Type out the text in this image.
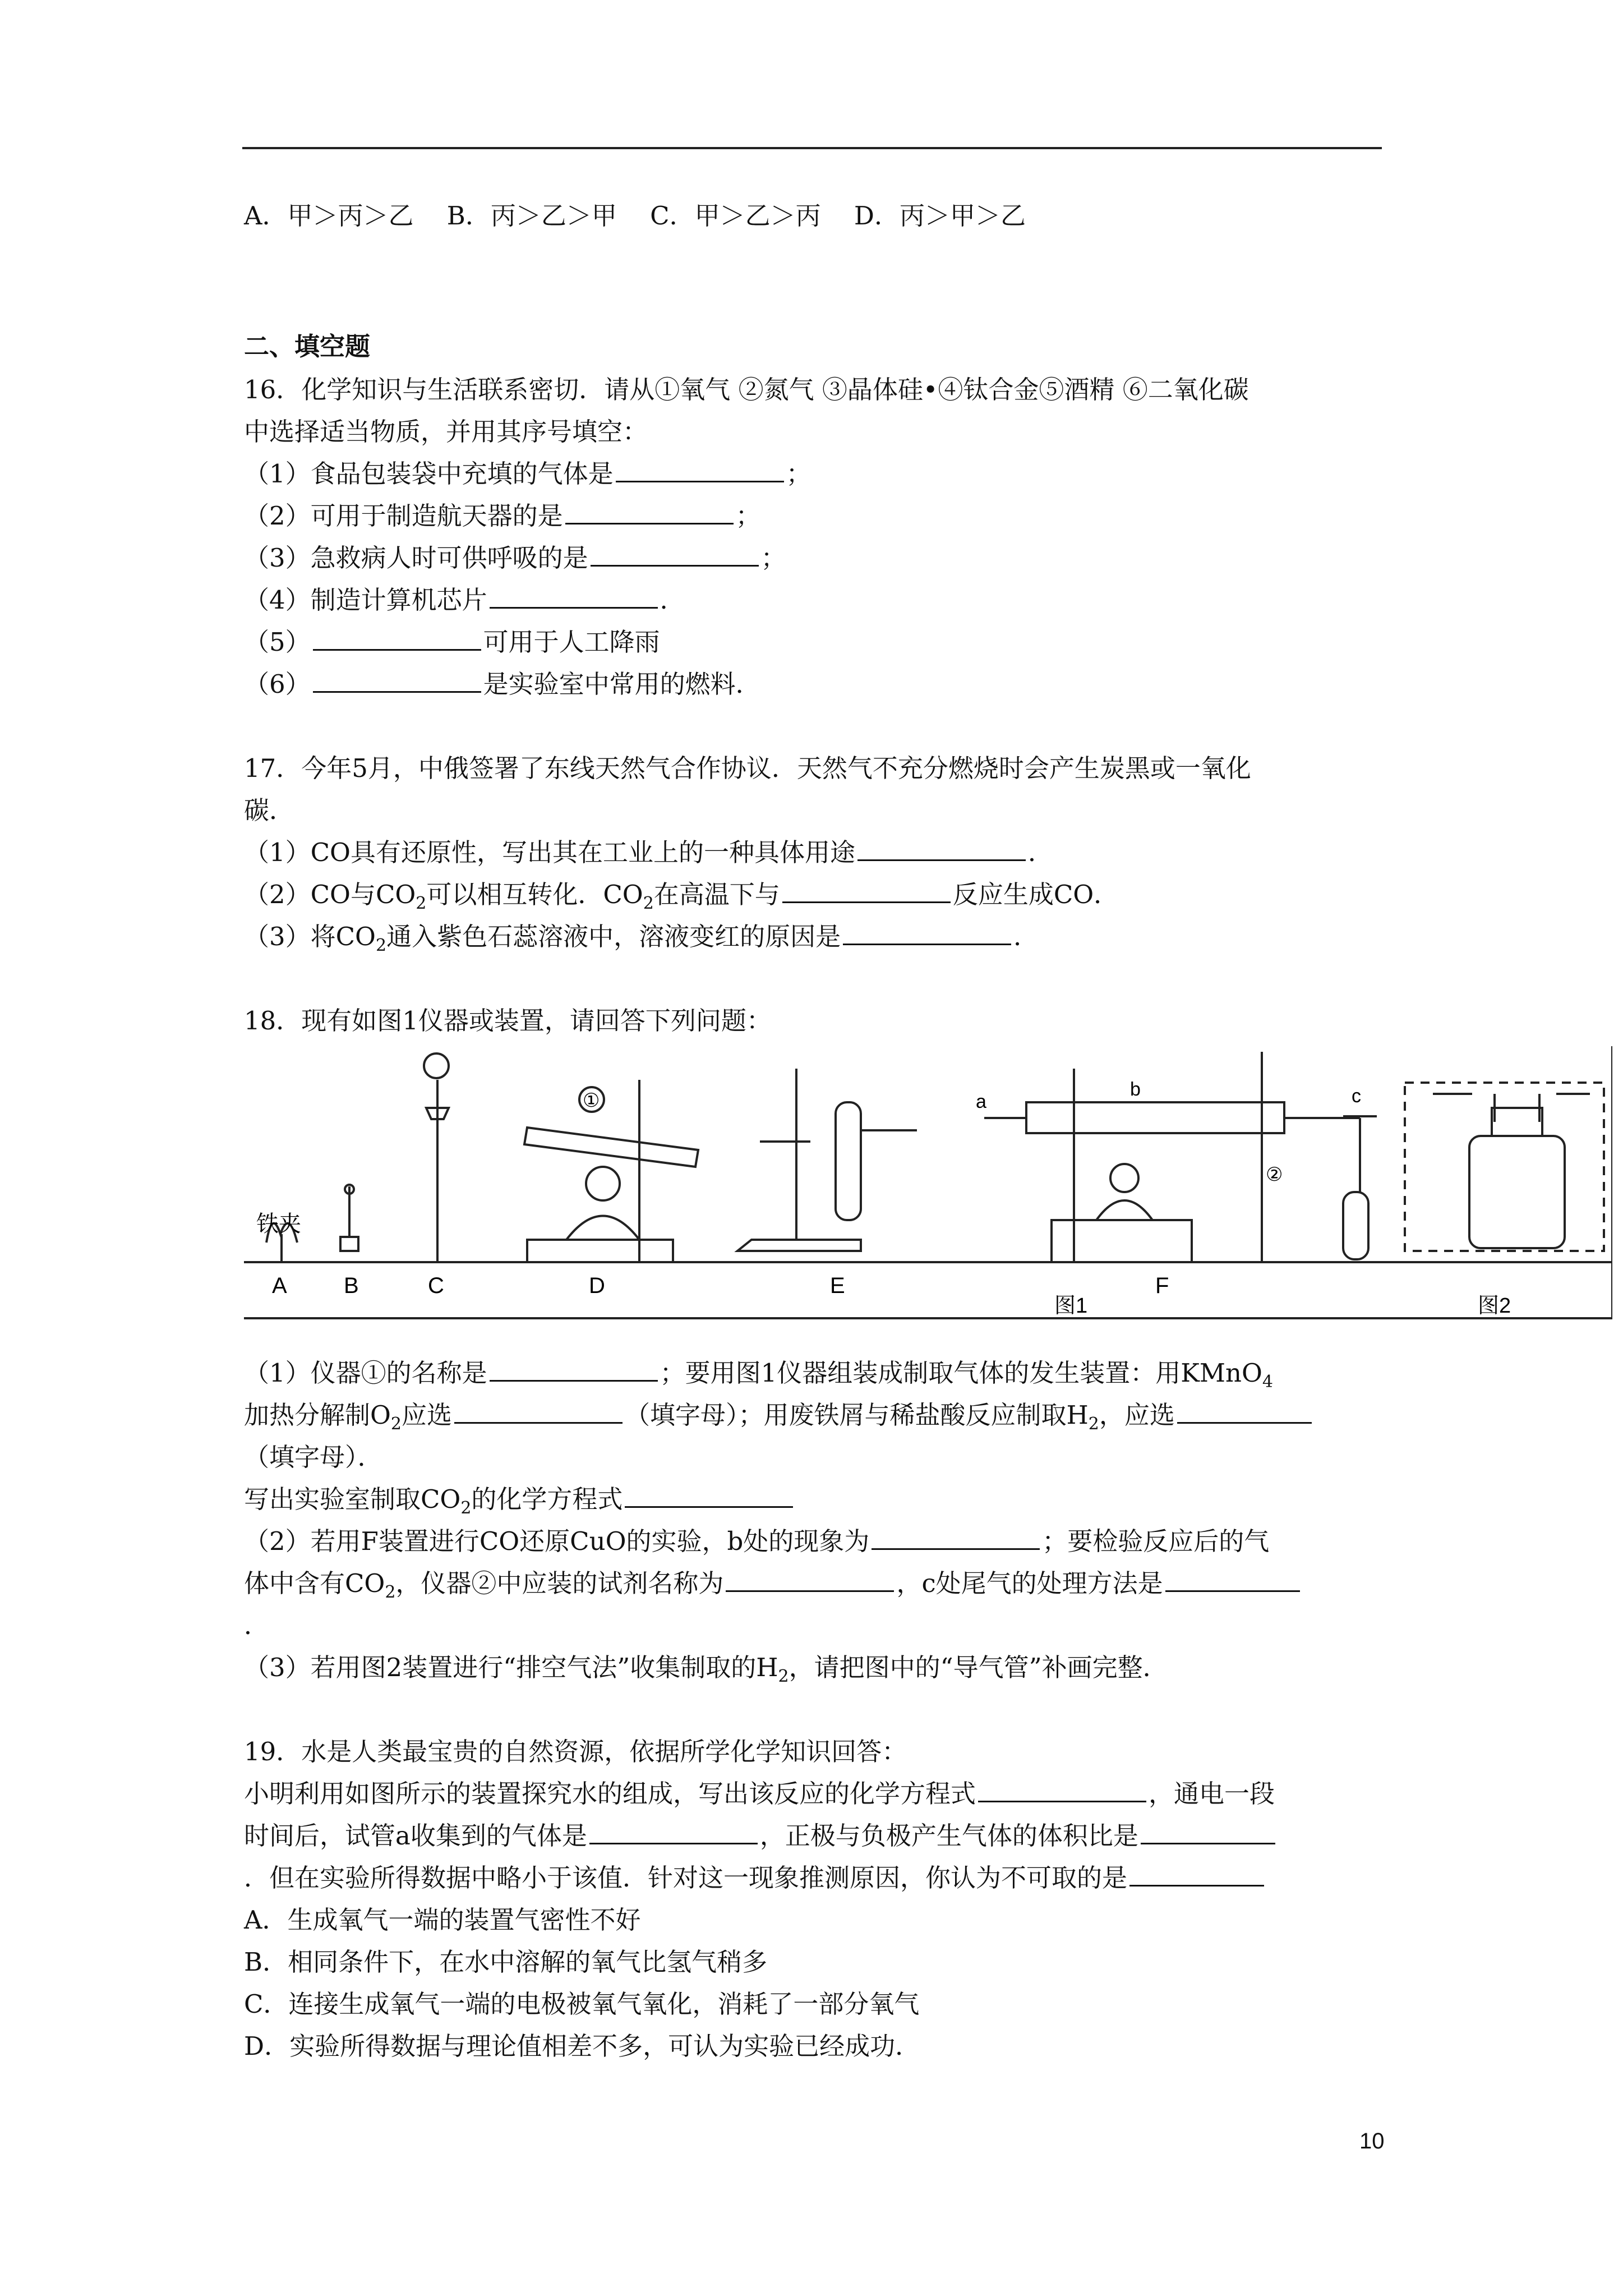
A．甲＞丙＞乙　 B．丙＞乙＞甲　 C．甲＞乙＞丙　 D．丙＞甲＞乙
二、填空题
16．化学知识与生活联系密切．请从①氧气 ②氮气 ③晶体硅•④钛合金⑤酒精 ⑥二氧化碳
中选择适当物质，并用其序号填空：
（1）食品包装袋中充填的气体是	；
（2）可用于制造航天器的是	；
（3）急救病人时可供呼吸的是	；
（4）制造计算机芯片	．
（5）	可用于人工降雨
（6）	是实验室中常用的燃料．
17．今年5月，中俄签署了东线天然气合作协议．天然气不充分燃烧时会产生炭黑或一氧化
碳．
（1）CO具有还原性，写出其在工业上的一种具体用途	．
（2）CO与$CO_2$可以相互转化．$CO_2$在高温下与	反应生成CO．
（3）将$CO_2$通入紫色石蕊溶液中，溶液变红的原因是	．
18．现有如图1仪器或装置，请回答下列问题：
铁夹
A	B	C	D	E	F
①
②
a
b	c
图1	图2
（1）仪器①的名称是	；要用图1仪器组装成制取气体的发生装置：用KMnO$_4$
加热分解制$O_2$应选	（填字母）；用废铁屑与稀盐酸反应制取$H_2$，应选
（填字母）．
写出实验室制取$CO_2$的化学方程式
（2）若用F装置进行CO还原CuO的实验，b处的现象为	；要检验反应后的气
体中含有$CO_2$，仪器②中应装的试剂名称为	，c处尾气的处理方法是
．
（3）若用图2装置进行“排空气法”收集制取的$H_2$，请把图中的“导气管”补画完整．
19．水是人类最宝贵的自然资源，依据所学化学知识回答：
小明利用如图所示的装置探究水的组成，写出该反应的化学方程式	，通电一段
时间后，试管a收集到的气体是	，正极与负极产生气体的体积比是
．但在实验所得数据中略小于该值．针对这一现象推测原因，你认为不可取的是
A．生成氧气一端的装置气密性不好
B．相同条件下，在水中溶解的氧气比氢气稍多
C．连接生成氧气一端的电极被氧气氧化，消耗了一部分氧气
D．实验所得数据与理论值相差不多，可认为实验已经成功．
10
